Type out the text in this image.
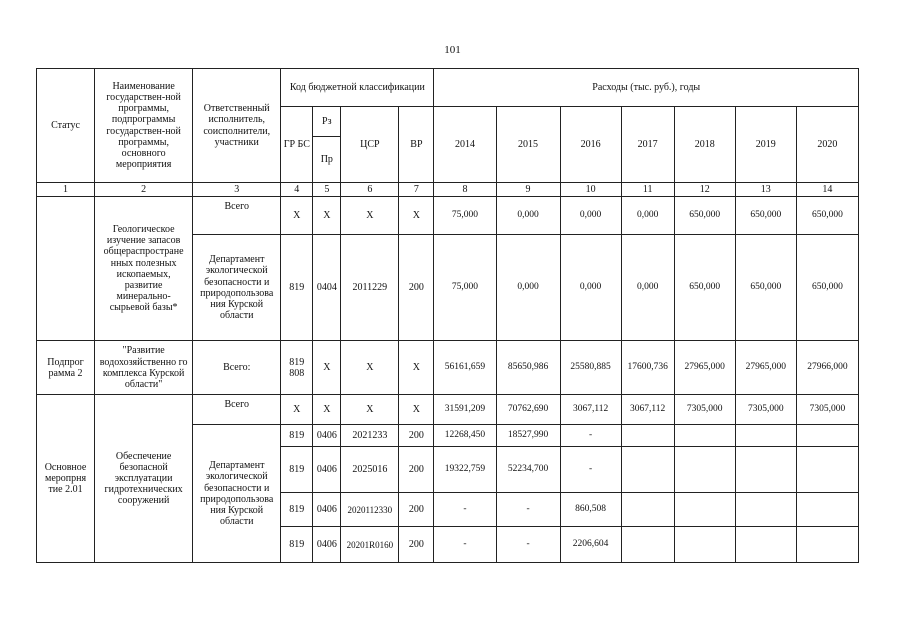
101
Статус	Наименование государствен-ной программы, подпрограммы государствен-ной программы, основного мероприятия	Ответственный исполнитель, соисполнители, участники	Код бюджетной классификации				Расходы (тыс. руб.), годы						
			ГР БС	Рз	ЦСР	ВР	2014	2015	2016	2017	2018	2019	2020
				Пр									
1	2	3	4	5	6	7	8	9	10	11	12	13	14
	Геологическое изучение запасов общераспростране нных полезных ископаемых, развитие минерально-сырьевой базы*	Всего	Х	Х	Х	Х	75,000	0,000	0,000	0,000	650,000	650,000	650,000
		Департамент экологической безопасности и природопользова ния Курской области	819	0404	2011229	200	75,000	0,000	0,000	0,000	650,000	650,000	650,000
Подпрог рамма 2	"Развитие водохозяйственно го комплекса Курской области"	Всего:	819 808	Х	Х	Х	56161,659	85650,986	25580,885	17600,736	27965,000	27965,000	27966,000
Основное меропрня тие 2.01	Обеспечение безопасной эксплуатации гидротехнических сооружений	Всего	Х	Х	Х	Х	31591,209	70762,690	3067,112	3067,112	7305,000	7305,000	7305,000
		Департамент экологической безопасности и природопользова ния Курской области	819	0406	2021233	200	12268,450	18527,990	-				
			819	0406	2025016	200	19322,759	52234,700	-				
			819	0406	2020112330	200	-	-	860,508				
			819	0406	20201R0160	200	-	-	2206,604				
